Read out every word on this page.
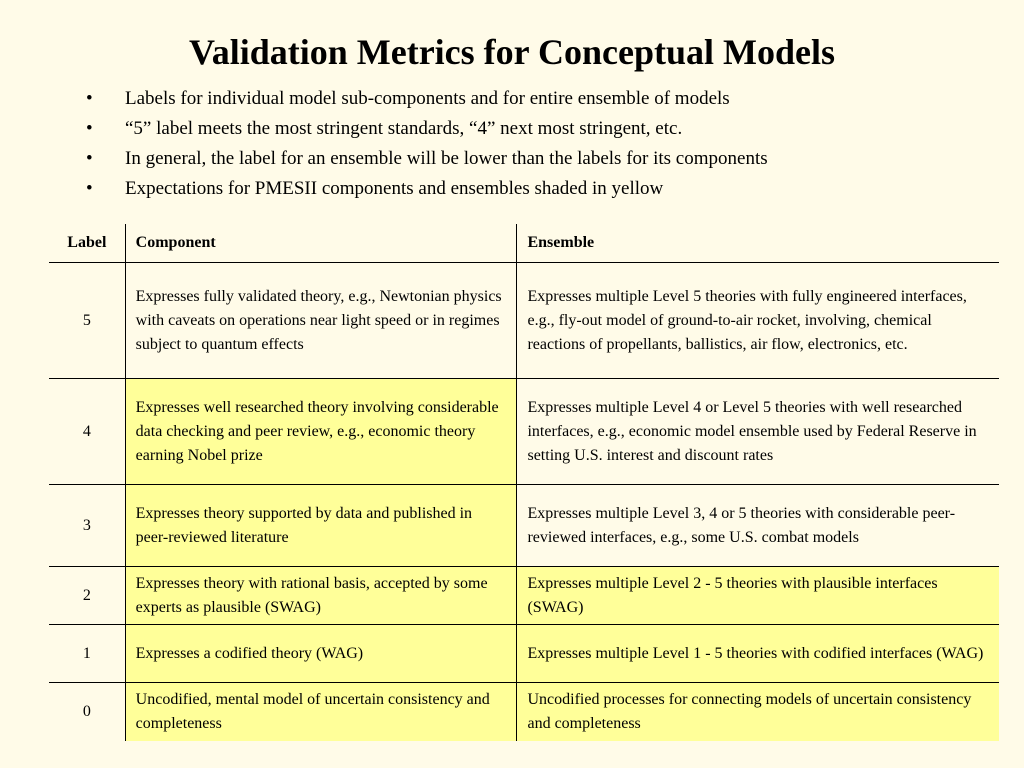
Validation Metrics for Conceptual Models
• Labels for individual model sub-components and for entire ensemble of models
• “5” label meets the most stringent standards, “4” next most stringent, etc.
• In general, the label for an ensemble will be lower than the labels for its components
• Expectations for PMESII components and ensembles shaded in yellow
Label	Component	Ensemble
5	Expresses fully validated theory, e.g., Newtonian physics with caveats on operations near light speed or in regimes subject to quantum effects	Expresses multiple Level 5 theories with fully engineered interfaces, e.g., fly-out model of ground-to-air rocket, involving, chemical reactions of propellants, ballistics, air flow, electronics, etc.
4	Expresses well researched theory involving considerable data checking and peer review, e.g., economic theory earning Nobel prize	Expresses multiple Level 4 or Level 5 theories with well researched interfaces, e.g., economic model ensemble used by Federal Reserve in setting U.S. interest and discount rates
3	Expresses theory supported by data and published in peer-reviewed literature	Expresses multiple Level 3, 4 or 5 theories with considerable peer-reviewed interfaces, e.g., some U.S. combat models
2	Expresses theory with rational basis, accepted by some experts as plausible (SWAG)	Expresses multiple Level 2 - 5 theories with plausible interfaces (SWAG)
1	Expresses a codified theory (WAG)	Expresses multiple Level 1 - 5 theories with codified interfaces (WAG)
0	Uncodified, mental model of uncertain consistency and completeness	Uncodified processes for connecting models of uncertain consistency and completeness
